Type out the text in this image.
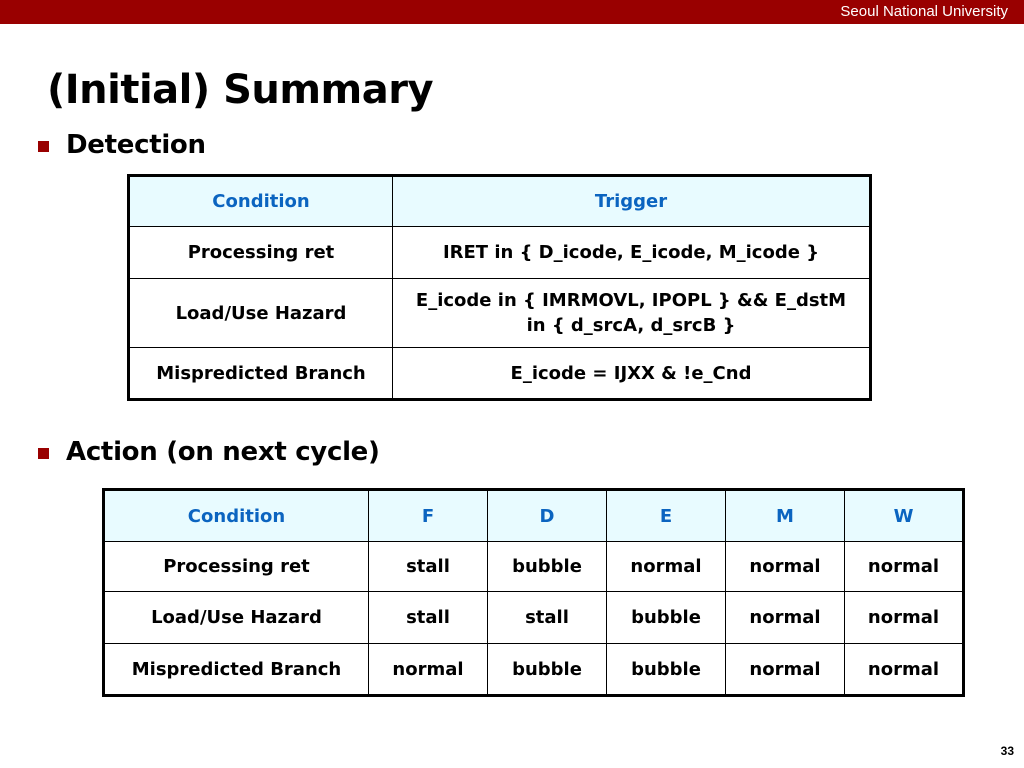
Seoul National University
(Initial) Summary
Detection
Condition	Trigger
Processing ret	IRET in { D_icode, E_icode, M_icode }
Load/Use Hazard	E_icode in { IMRMOVL, IPOPL } && E_dstM
in { d_srcA, d_srcB }
Mispredicted Branch	E_icode = IJXX & !e_Cnd
Action (on next cycle)
Condition	F	D	E	M	W
Processing ret	stall	bubble	normal	normal	normal
Load/Use Hazard	stall	stall	bubble	normal	normal
Mispredicted Branch	normal	bubble	bubble	normal	normal
33
